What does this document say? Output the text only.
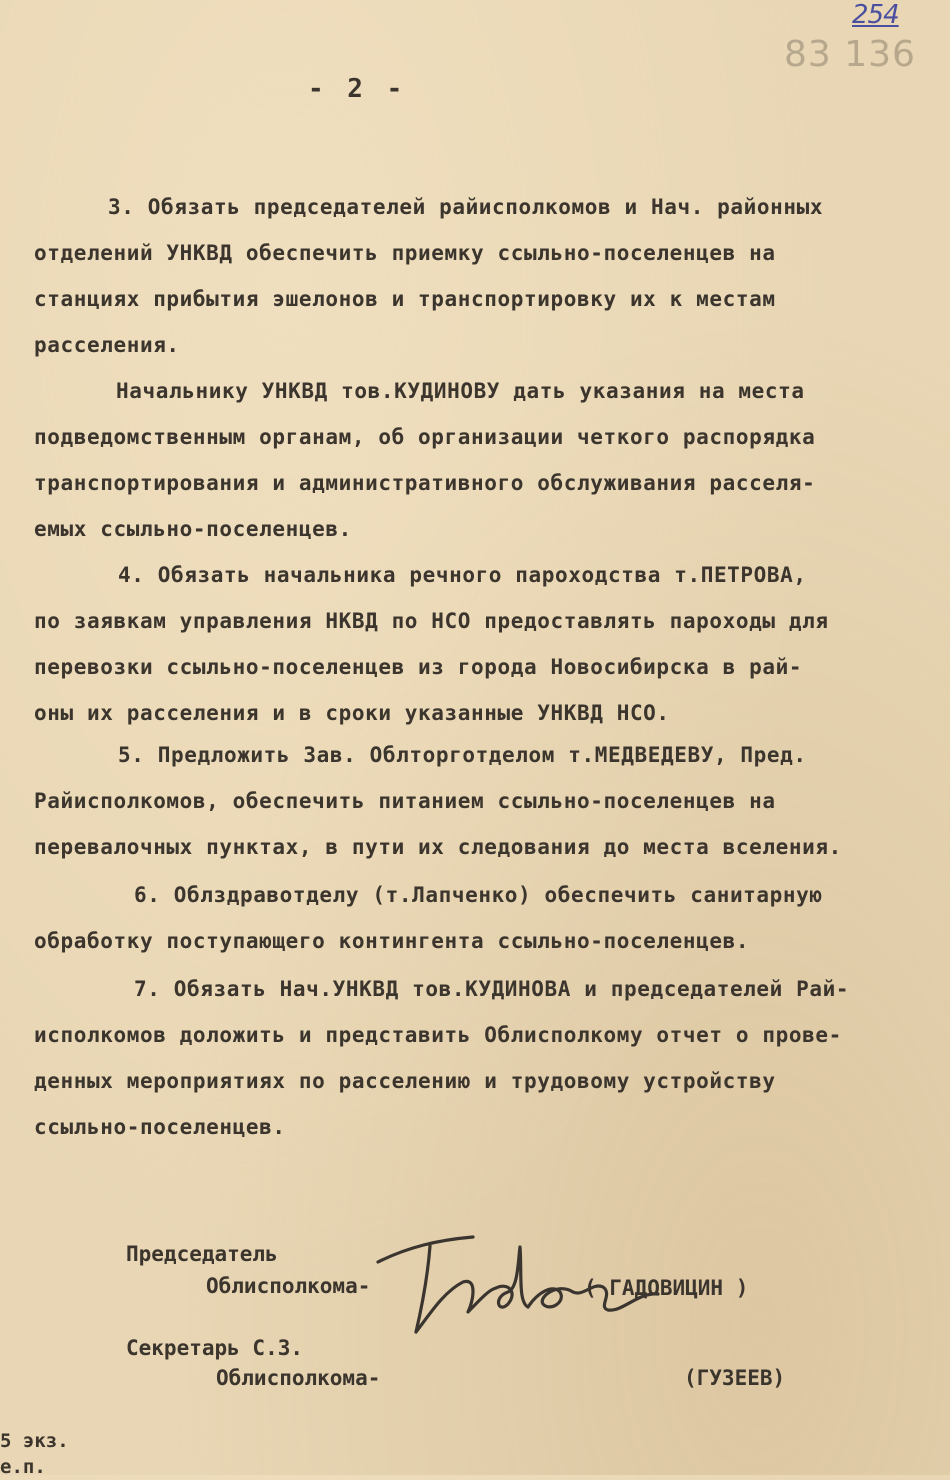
254
83 136
- 2 -

3. Обязать председателей райисполкомов и Нач. районных
отделений УНКВД обеспечить приемку ссыльно-поселенцев на
станциях прибытия эшелонов и транспортировку их к местам
расселения.

Начальнику УНКВД тов.КУДИНОВУ дать указания на места
подведомственным органам, об организации четкого распорядка
транспортирования и административного обслуживания расселя-
емых ссыльно-поселенцев.

4. Обязать начальника речного пароходства т.ПЕТРОВА,
по заявкам управления НКВД по НСО предоставлять пароходы для
перевозки ссыльно-поселенцев из города Новосибирска в рай-
оны их расселения и в сроки указанные УНКВД НСО.

5. Предложить Зав. Облторготделом т.МЕДВЕДЕВУ, Пред.
Райисполкомов, обеспечить питанием ссыльно-поселенцев на
перевалочных пунктах, в пути их следования до места вселения.

6. Облздравотделу (т.Лапченко) обеспечить санитарную
обработку поступающего контингента ссыльно-поселенцев.

7. Обязать Нач.УНКВД тов.КУДИНОВА и председателей Рай-
исполкомов доложить и представить Облисполкому отчет о прове-
денных мероприятиях по расселению и трудовому устройству
ссыльно-поселенцев.

Председатель
Облисполкома-	( ГАДОВИЦИН )
Секретарь С.З.
Облисполкома-	(ГУЗЕЕВ)
5 экз.
е.п.
